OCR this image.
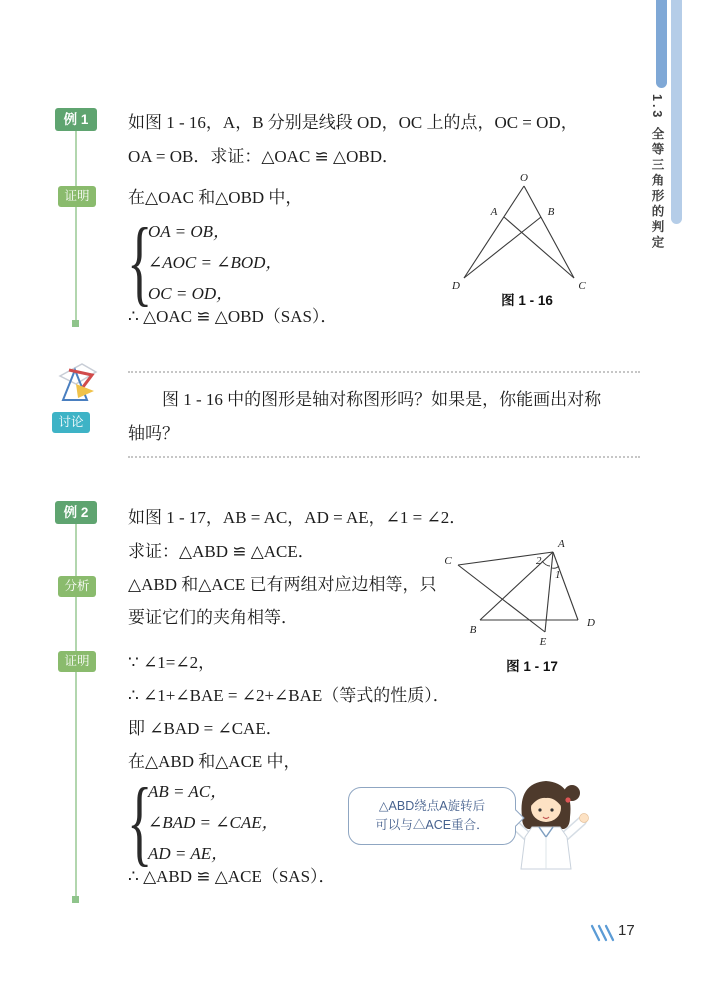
1.3 全等三角形的判定
例 1
证明
讨论
例 2
分析
证明
如图 1 - 16，A，B 分别是线段 OD，OC 上的点，OC = OD，
OA = OB．求证：△OAC ≌ △OBD．
在△OAC 和△OBD 中，
{
OA = OB，
∠AOC = ∠BOD，
OC = OD，
∴ △OAC ≌ △OBD（SAS）．
O
A	B
D	C
图 1 - 16
图 1 - 16 中的图形是轴对称图形吗？如果是，你能画出对称
轴吗？
如图 1 - 17，AB = AC，AD = AE，∠1 = ∠2．
求证：△ABD ≌ △ACE．
△ABD 和△ACE 已有两组对应边相等，只
要证它们的夹角相等．
A
C
B
D
E
2
1
图 1 - 17
∵ ∠1=∠2，
∴ ∠1+∠BAE = ∠2+∠BAE（等式的性质）．
即 ∠BAD = ∠CAE．
在△ABD 和△ACE 中，
{
AB = AC，
∠BAD = ∠CAE，
AD = AE，
∴ △ABD ≌ △ACE（SAS）．
△ABD绕点A旋转后
可以与△ACE重合．
17
